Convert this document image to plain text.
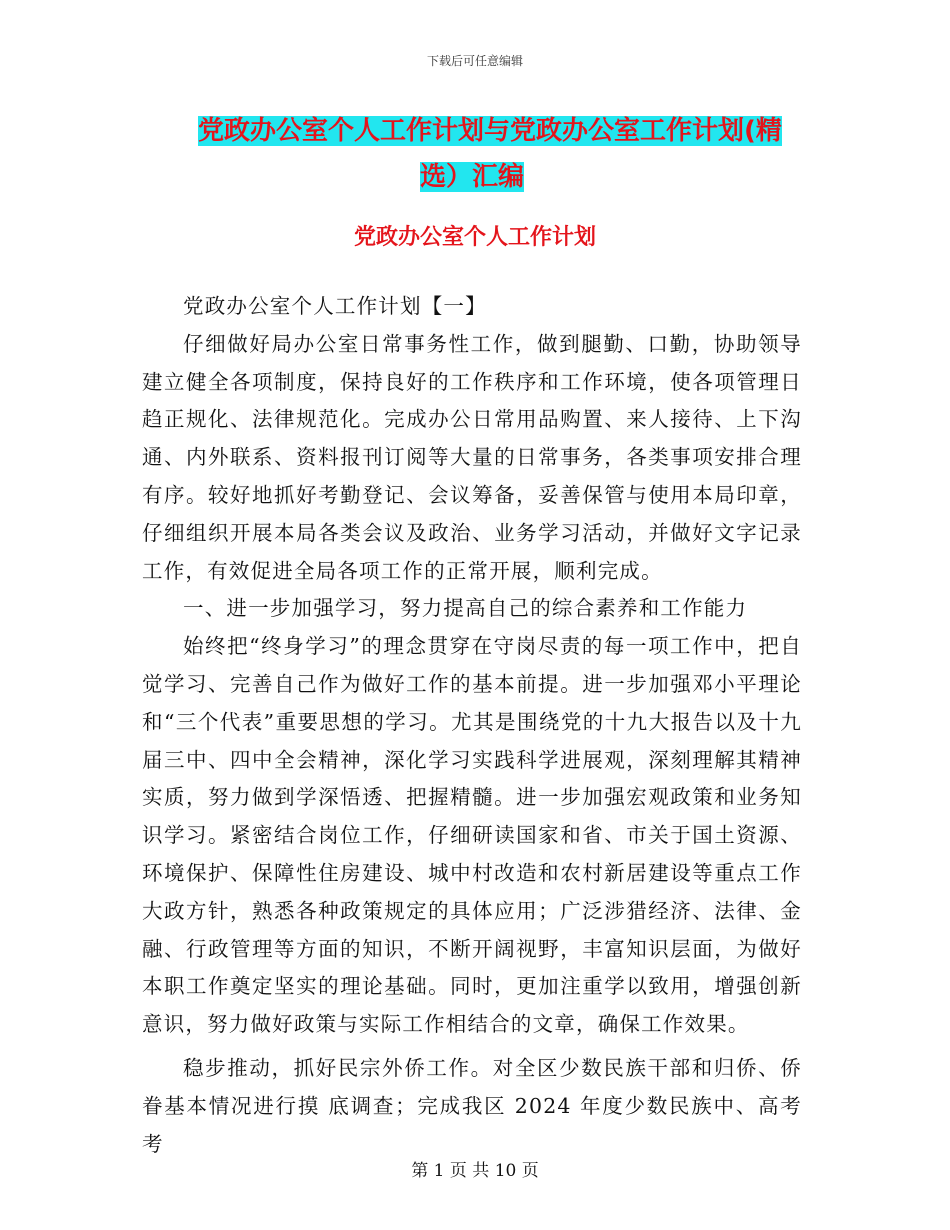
下载后可任意编辑
党政办公室个人工作计划与党政办公室工作计划(精
选）汇编
党政办公室个人工作计划

党政办公室个人工作计划【一】

仔细做好局办公室日常事务性工作，做到腿勤、口勤，协助领导建立健全各项制度，保持良好的工作秩序和工作环境，使各项管理日趋正规化、法律规范化。完成办公日常用品购置、来人接待、上下沟通、内外联系、资料报刊订阅等大量的日常事务，各类事项安排合理有序。较好地抓好考勤登记、会议筹备，妥善保管与使用本局印章，仔细组织开展本局各类会议及政治、业务学习活动，并做好文字记录工作，有效促进全局各项工作的正常开展，顺利完成。

一、进一步加强学习，努力提高自己的综合素养和工作能力

始终把“终身学习”的理念贯穿在守岗尽责的每一项工作中，把自觉学习、完善自己作为做好工作的基本前提。进一步加强邓小平理论和“三个代表”重要思想的学习。尤其是围绕党的十九大报告以及十九届三中、四中全会精神，深化学习实践科学进展观，深刻理解其精神实质，努力做到学深悟透、把握精髓。进一步加强宏观政策和业务知识学习。紧密结合岗位工作，仔细研读国家和省、市关于国土资源、环境保护、保障性住房建设、城中村改造和农村新居建设等重点工作大政方针，熟悉各种政策规定的具体应用；广泛涉猎经济、法律、金融、行政管理等方面的知识，不断开阔视野，丰富知识层面，为做好本职工作奠定坚实的理论基础。同时，更加注重学以致用，增强创新意识，努力做好政策与实际工作相结合的文章，确保工作效果。

稳步推动，抓好民宗外侨工作。对全区少数民族干部和归侨、侨眷基本情况进行摸 底调查；完成我区 2024 年度少数民族中、高考考

第 1 页 共 10 页
